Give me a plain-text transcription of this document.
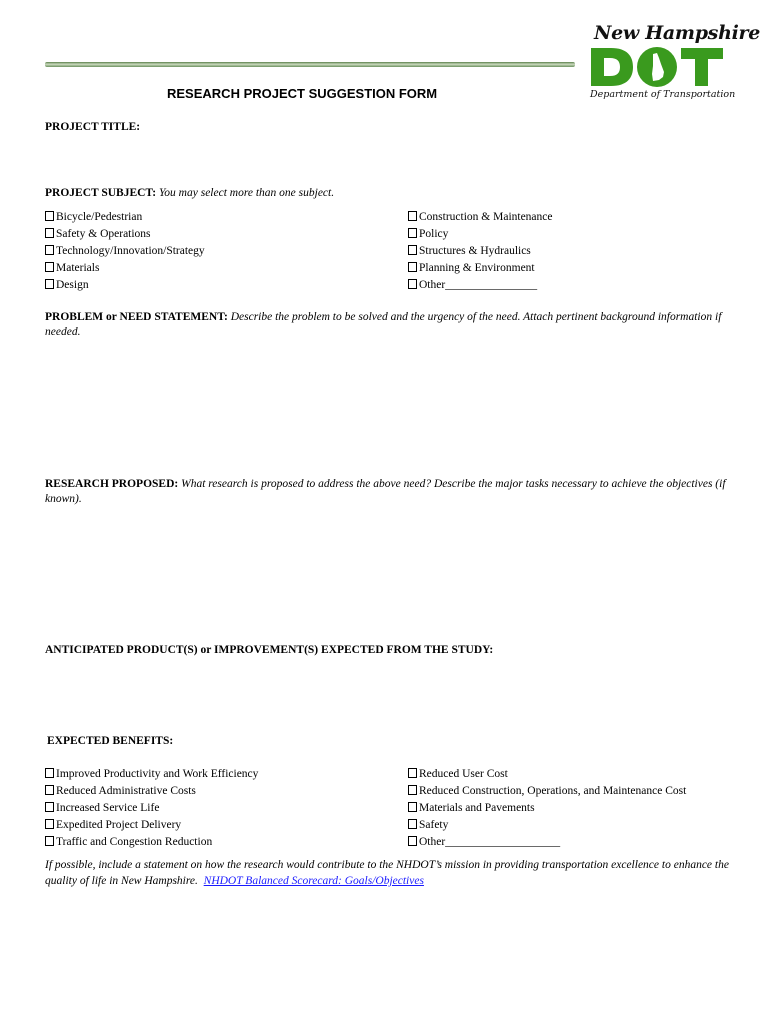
New Hampshire
Department of Transportation
RESEARCH PROJECT SUGGESTION FORM
PROJECT TITLE:
PROJECT SUBJECT: You may select more than one subject.
Bicycle/Pedestrian
Safety & Operations
Technology/Innovation/Strategy
Materials
Design
Construction & Maintenance
Policy
Structures & Hydraulics
Planning & Environment
Other________________
PROBLEM or NEED STATEMENT: Describe the problem to be solved and the urgency of the need. Attach pertinent background information if needed.
RESEARCH PROPOSED: What research is proposed to address the above need? Describe the major tasks necessary to achieve the objectives (if known).
ANTICIPATED PRODUCT(S) or IMPROVEMENT(S) EXPECTED FROM THE STUDY:
EXPECTED BENEFITS:
Improved Productivity and Work Efficiency
Reduced Administrative Costs
Increased Service Life
Expedited Project Delivery
Traffic and Congestion Reduction
Reduced User Cost
Reduced Construction, Operations, and Maintenance Cost
Materials and Pavements
Safety
Other____________________
If possible, include a statement on how the research would contribute to the NHDOT’s mission in providing transportation excellence to enhance the quality of life in New Hampshire. NHDOT Balanced Scorecard: Goals/Objectives
